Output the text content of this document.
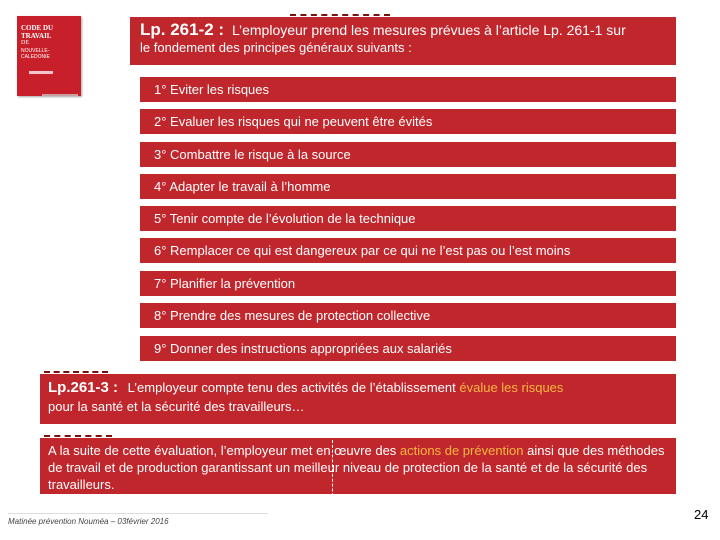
CODE DU TRAVAIL
DE
NOUVELLE-CALEDONIE
Lp. 261-2 : L’employeur prend les mesures prévues à l’article Lp. 261-1 sur
le fondement des principes généraux suivants :
1° Eviter les risques
2° Evaluer les risques qui ne peuvent être évités
3° Combattre le risque à la source
4° Adapter le travail à l’homme
5° Tenir compte de l’évolution de la technique
6° Remplacer ce qui est dangereux par ce qui ne l’est pas ou l’est moins
7° Planifier la prévention
8° Prendre des mesures de protection collective
9° Donner des instructions appropriées aux salariés
Lp.261-3 : L’employeur compte tenu des activités de l’établissement évalue les risques
pour la santé et la sécurité des travailleurs…

A la suite de cette évaluation, l’employeur met en œuvre des actions de prévention ainsi que des méthodes de travail et de production garantissant un meilleur niveau de protection de la santé et de la sécurité des travailleurs.

Matinée prévention Nouméa – 03février 2016	24
